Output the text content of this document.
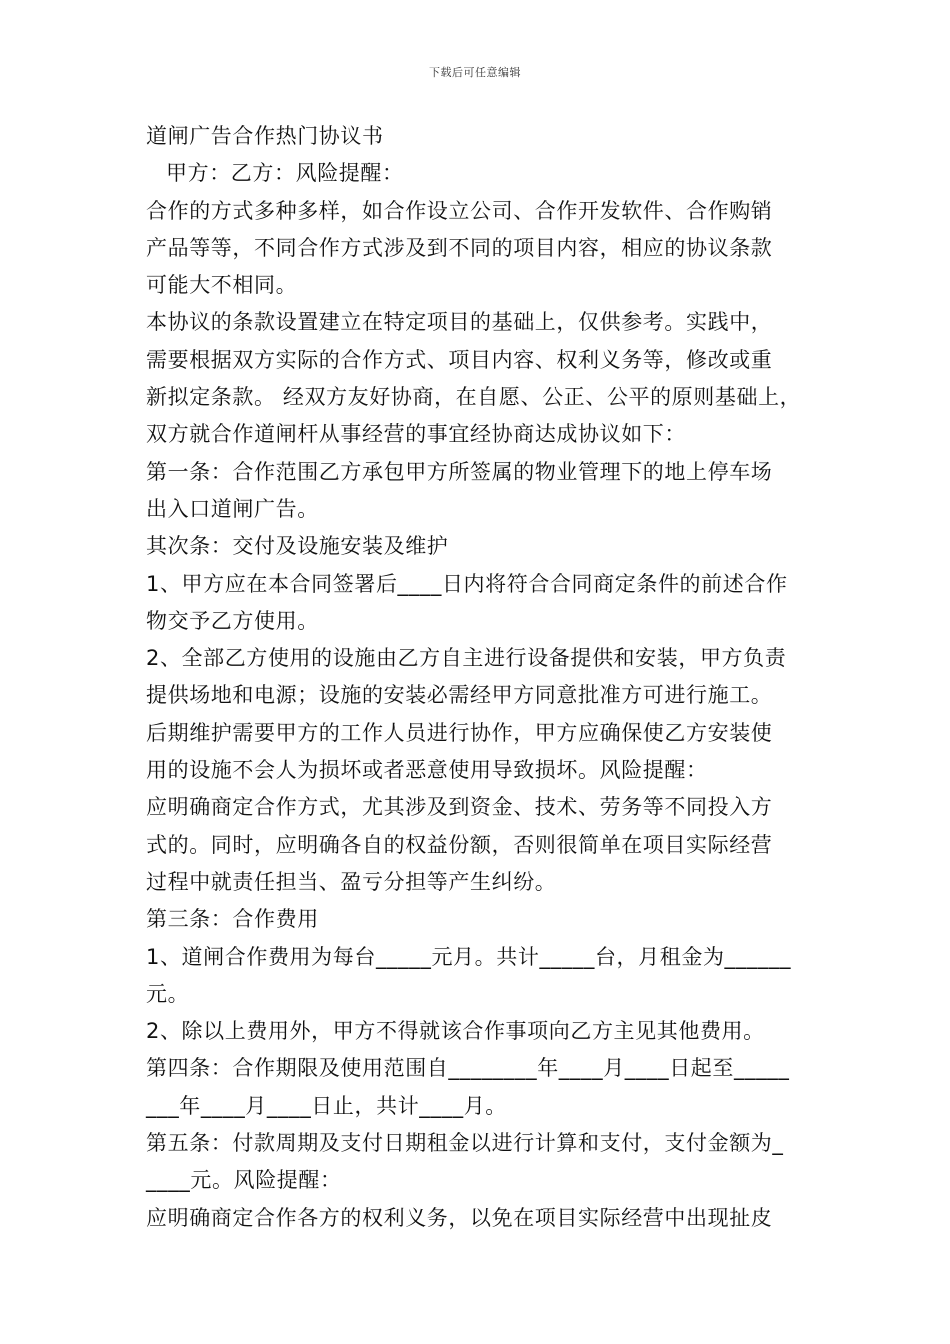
下载后可任意编辑
道闸广告合作热门协议书
甲方：乙方：风险提醒：
合作的方式多种多样，如合作设立公司、合作开发软件、合作购销
产品等等，不同合作方式涉及到不同的项目内容，相应的协议条款
可能大不相同。
本协议的条款设置建立在特定项目的基础上，仅供参考。实践中，
需要根据双方实际的合作方式、项目内容、权利义务等，修改或重
新拟定条款。 经双方友好协商，在自愿、公正、公平的原则基础上，
双方就合作道闸杆从事经营的事宜经协商达成协议如下：
第一条：合作范围乙方承包甲方所签属的物业管理下的地上停车场
出入口道闸广告。
其次条：交付及设施安装及维护
1、甲方应在本合同签署后____日内将符合合同商定条件的前述合作
物交予乙方使用。
2、全部乙方使用的设施由乙方自主进行设备提供和安装，甲方负责
提供场地和电源；设施的安装必需经甲方同意批准方可进行施工。
后期维护需要甲方的工作人员进行协作，甲方应确保使乙方安装使
用的设施不会人为损坏或者恶意使用导致损坏。风险提醒：
应明确商定合作方式，尤其涉及到资金、技术、劳务等不同投入方
式的。同时，应明确各自的权益份额，否则很简单在项目实际经营
过程中就责任担当、盈亏分担等产生纠纷。
第三条：合作费用
1、道闸合作费用为每台_____元月。共计_____台，月租金为______
元。
2、除以上费用外，甲方不得就该合作事项向乙方主见其他费用。
第四条：合作期限及使用范围自________年____月____日起至_____
___年____月____日止，共计____月。
第五条：付款周期及支付日期租金以进行计算和支付，支付金额为_
____元。风险提醒：
应明确商定合作各方的权利义务，以免在项目实际经营中出现扯皮
